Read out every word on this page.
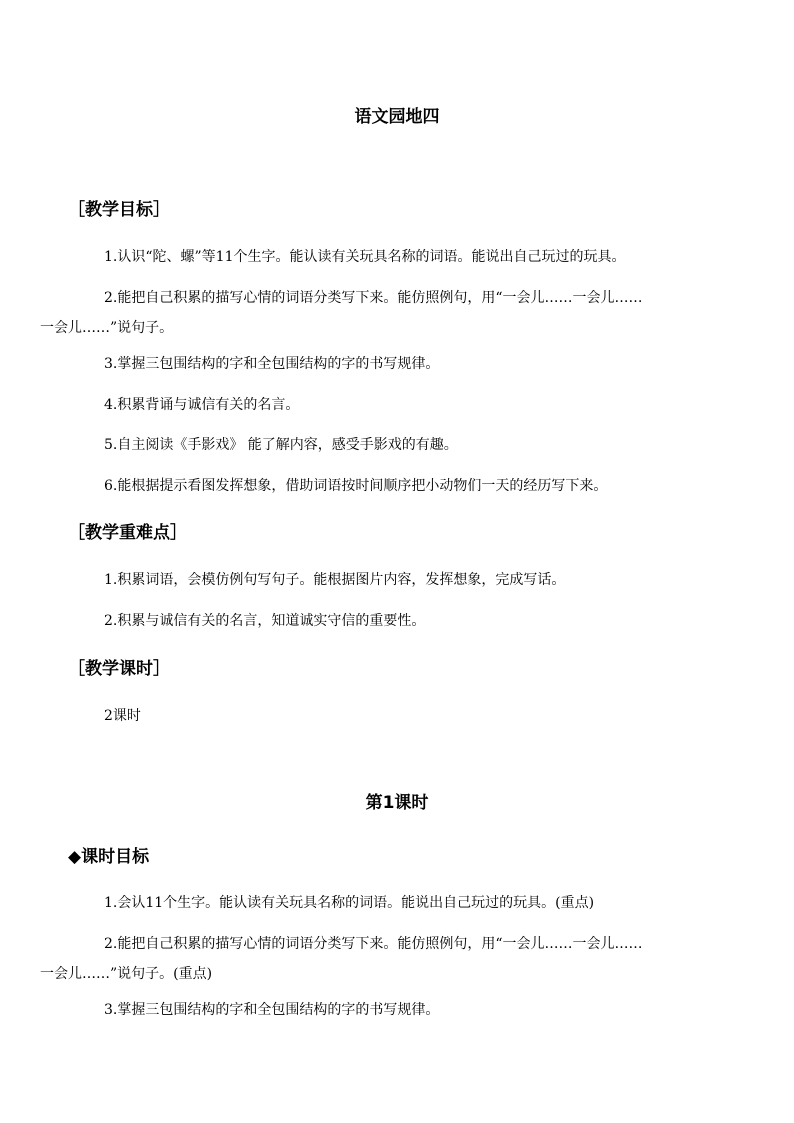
语文园地四
［教学目标］
1.认识“陀、螺”等11个生字。能认读有关玩具名称的词语。能说出自己玩过的玩具。
2.能把自己积累的描写心情的词语分类写下来。能仿照例句，用“一会儿……一会儿……
一会儿……”说句子。
3.掌握三包围结构的字和全包围结构的字的书写规律。
4.积累背诵与诚信有关的名言。
5.自主阅读《手影戏》 能了解内容，感受手影戏的有趣。
6.能根据提示看图发挥想象，借助词语按时间顺序把小动物们一天的经历写下来。
［教学重难点］
1.积累词语，会模仿例句写句子。能根据图片内容，发挥想象，完成写话。
2.积累与诚信有关的名言，知道诚实守信的重要性。
［教学课时］
2课时
第1课时
◆课时目标
1.会认11个生字。能认读有关玩具名称的词语。能说出自己玩过的玩具。(重点)
2.能把自己积累的描写心情的词语分类写下来。能仿照例句，用“一会儿……一会儿……
一会儿……”说句子。(重点)
3.掌握三包围结构的字和全包围结构的字的书写规律。
